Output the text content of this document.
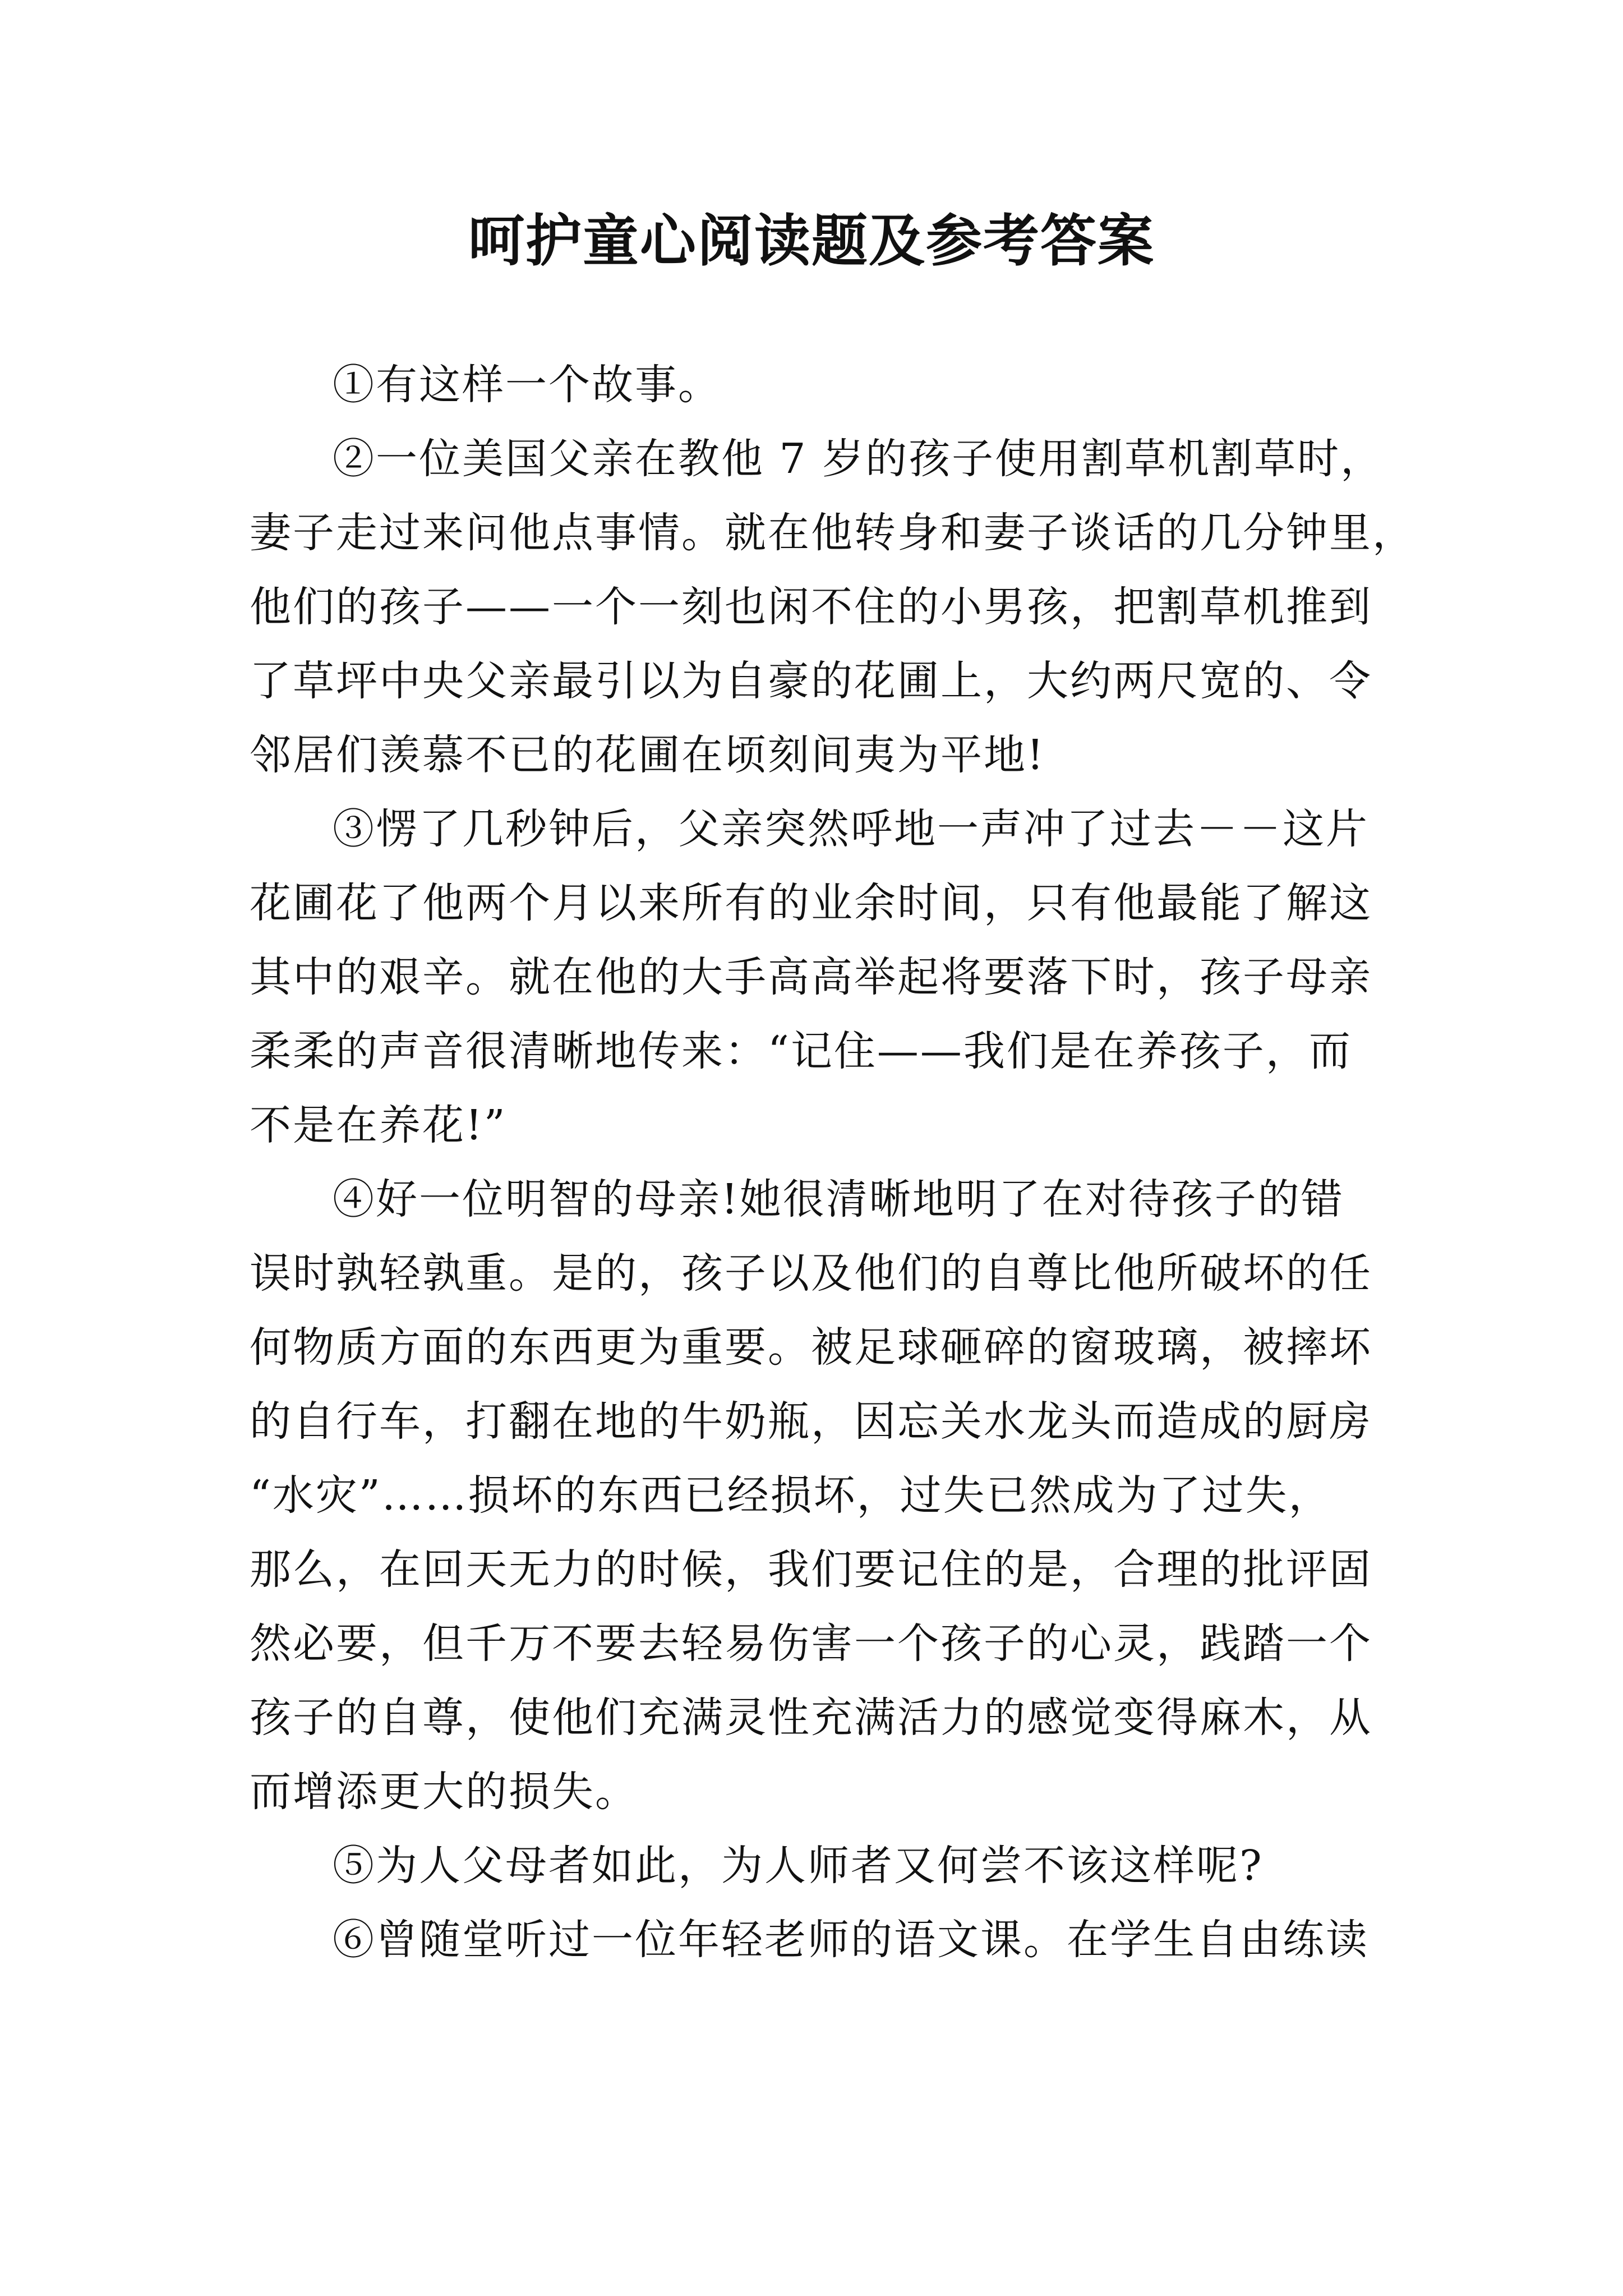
呵护童心阅读题及参考答案
①有这样一个故事。
②一位美国父亲在教他 7 岁的孩子使用割草机割草时，
妻子走过来问他点事情。就在他转身和妻子谈话的几分钟里，
他们的孩子——一个一刻也闲不住的小男孩，把割草机推到
了草坪中央父亲最引以为自豪的花圃上，大约两尺宽的、令
邻居们羡慕不已的花圃在顷刻间夷为平地!
③愣了几秒钟后，父亲突然呼地一声冲了过去－－这片
花圃花了他两个月以来所有的业余时间，只有他最能了解这
其中的艰辛。就在他的大手高高举起将要落下时，孩子母亲
柔柔的声音很清晰地传来：“记住——我们是在养孩子，而
不是在养花!”
④好一位明智的母亲!她很清晰地明了在对待孩子的错
误时孰轻孰重。是的，孩子以及他们的自尊比他所破坏的任
何物质方面的东西更为重要。被足球砸碎的窗玻璃，被摔坏
的自行车，打翻在地的牛奶瓶，因忘关水龙头而造成的厨房
“水灾”……损坏的东西已经损坏，过失已然成为了过失，
那么，在回天无力的时候，我们要记住的是，合理的批评固
然必要，但千万不要去轻易伤害一个孩子的心灵，践踏一个
孩子的自尊，使他们充满灵性充满活力的感觉变得麻木，从
而增添更大的损失。
⑤为人父母者如此，为人师者又何尝不该这样呢?
⑥曾随堂听过一位年轻老师的语文课。在学生自由练读
